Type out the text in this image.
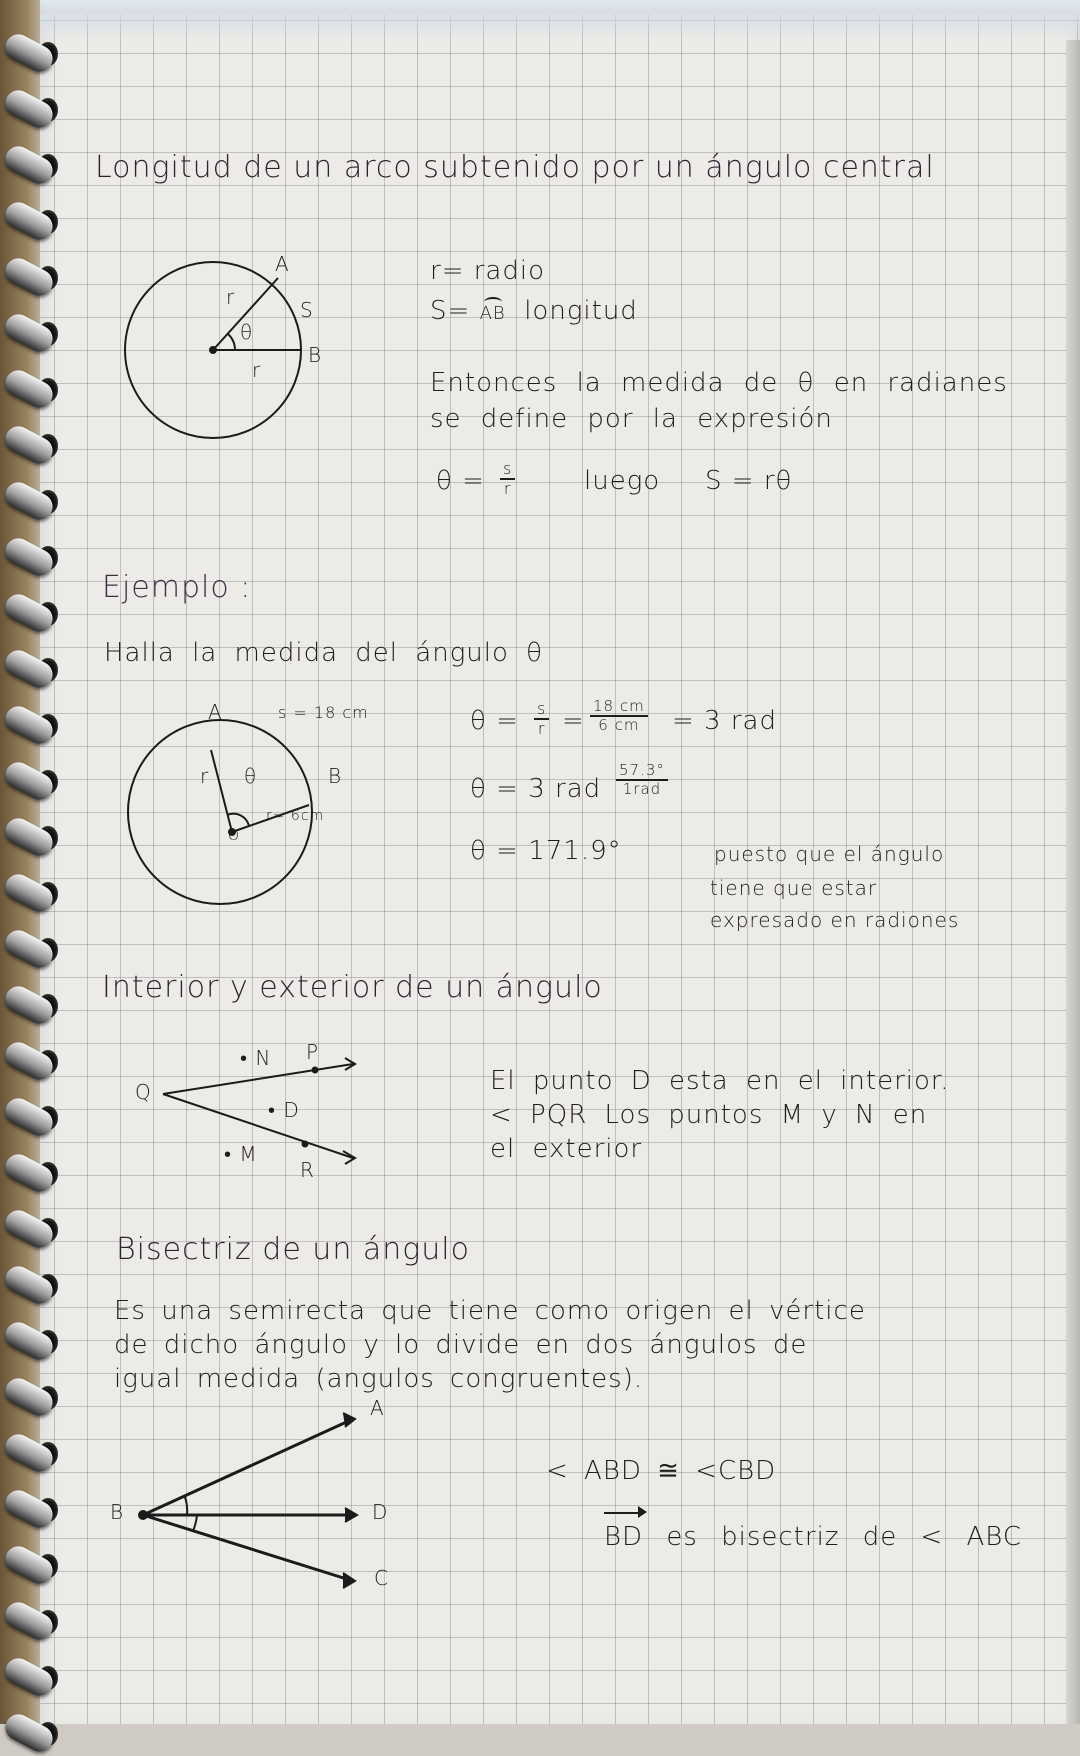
Longitud de un arco subtenido por un ángulo central
A
S
B
r
r
θ
r= radio
S= AB longitud
Entonces la medida de θ en radianes
se define por la expresión
$\theta = \frac{s}{r}$	luego S = rθ
Ejemplo :
Halla la medida del ángulo θ
A	s = 18 cm
B
r θ
r= 6cm
O
$\theta = \frac{s}{r} = \frac{18 cm}{6 cm} = 3$ rad
θ = 3 rad
57.3°
1rad
θ = 171.9°	puesto que el ángulo
tiene que estar
expresado en radiones
Interior y exterior de un ángulo
Q
P
R
• N
• D
• M
El punto D esta en el interior.
< PQR Los puntos M y N en
el exterior
Bisectriz de un ángulo
Es una semirecta que tiene como origen el vértice
de dicho ángulo y lo divide en dos ángulos de
igual medida (angulos congruentes).
A
B	D
C
< ABD ≅ <CBD
BD es bisectriz de < ABC
